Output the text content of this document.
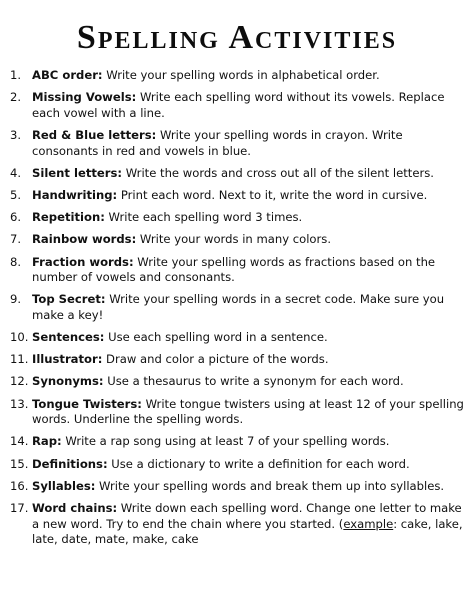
Spelling Activities
1. ABC order: Write your spelling words in alphabetical order.
2. Missing Vowels: Write each spelling word without its vowels. Replace each vowel with a line.
3. Red & Blue letters: Write your spelling words in crayon. Write consonants in red and vowels in blue.
4. Silent letters: Write the words and cross out all of the silent letters.
5. Handwriting: Print each word. Next to it, write the word in cursive.
6. Repetition: Write each spelling word 3 times.
7. Rainbow words: Write your words in many colors.
8. Fraction words: Write your spelling words as fractions based on the number of vowels and consonants.
9. Top Secret: Write your spelling words in a secret code. Make sure you make a key!
10. Sentences: Use each spelling word in a sentence.
11. Illustrator: Draw and color a picture of the words.
12. Synonyms: Use a thesaurus to write a synonym for each word.
13. Tongue Twisters: Write tongue twisters using at least 12 of your spelling words. Underline the spelling words.
14. Rap: Write a rap song using at least 7 of your spelling words.
15. Definitions: Use a dictionary to write a definition for each word.
16. Syllables: Write your spelling words and break them up into syllables.
17. Word chains: Write down each spelling word. Change one letter to make a new word. Try to end the chain where you started. (example: cake, lake, late, date, mate, make, cake
